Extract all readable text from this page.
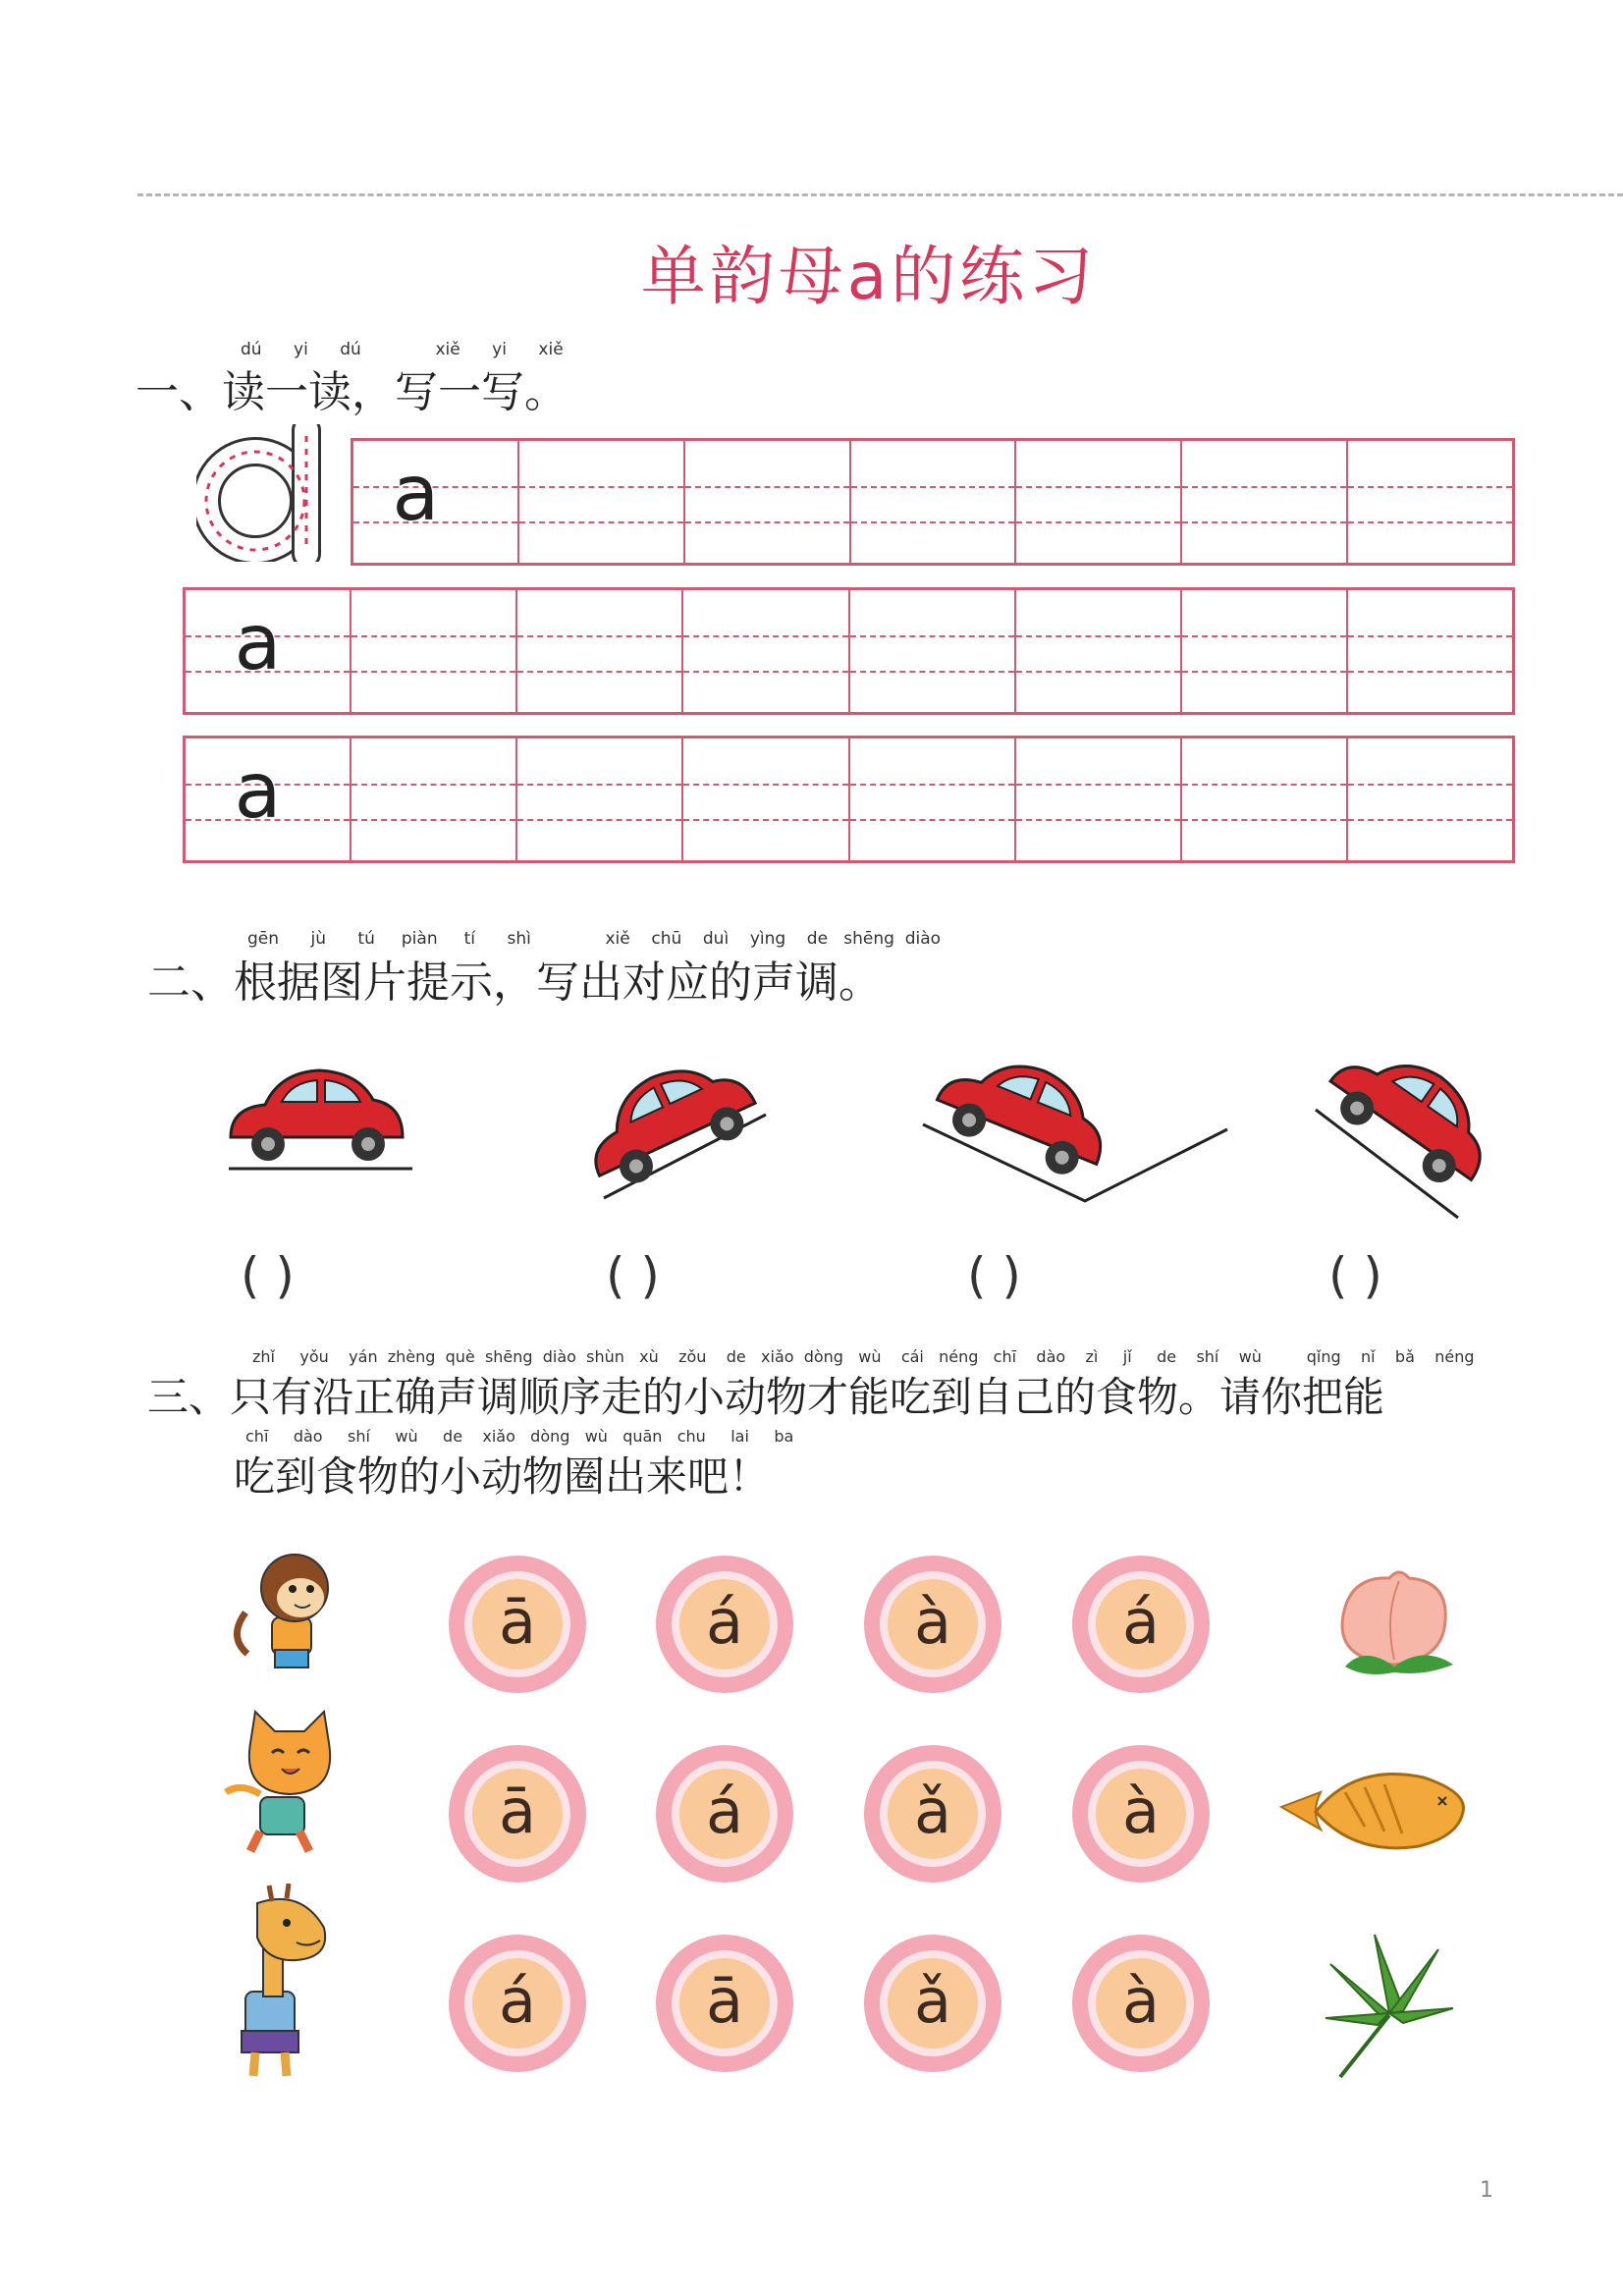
单韵母a的练习
dú yi dú	xiě yi xiě
一、读一读，写一写。
a
a
a
gēn jù tú piàn tí shì	xiě chū duì yìng de shēng diào
二、根据图片提示，写出对应的声调。
( )	( )	( )	( )
zhǐ yǒu yán zhèng què shēng diào shùn xù zǒu de xiǎo dòng wù cái néng chī dào zì jǐ de shí wù	qǐng nǐ bǎ néng
三、只有沿正确声调顺序走的小动物才能吃到自己的食物。请你把能
chī dào shí wù de xiǎo dòng wù quān chu lai ba
吃到食物的小动物圈出来吧！
ā	á	à	á
ā	á	ǎ	à
á	ā	ǎ	à
1
